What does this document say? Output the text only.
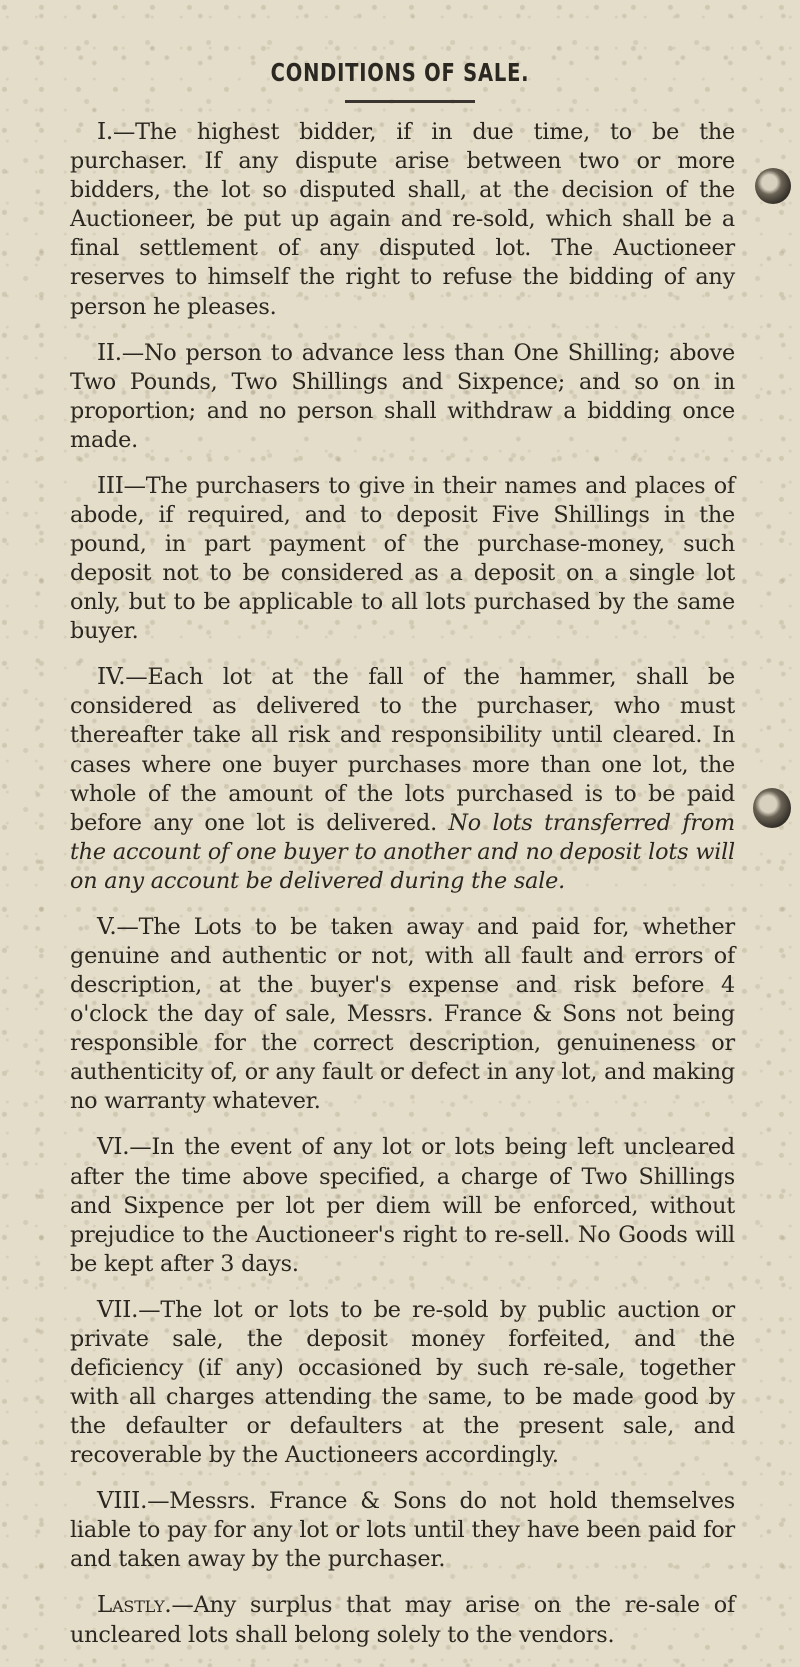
CONDITIONS OF SALE.

I.—The highest bidder, if in due time, to be the purchaser. If any dispute arise between two or more bidders, the lot so disputed shall, at the decision of the Auctioneer, be put up again and re-sold, which shall be a final settlement of any disputed lot. The Auctioneer reserves to himself the right to refuse the bidding of any person he pleases.

II.—No person to advance less than One Shilling; above Two Pounds, Two Shillings and Sixpence; and so on in proportion; and no person shall withdraw a bidding once made.

III—The purchasers to give in their names and places of abode, if required, and to deposit Five Shillings in the pound, in part payment of the purchase-money, such deposit not to be considered as a deposit on a single lot only, but to be applicable to all lots purchased by the same buyer.

IV.—Each lot at the fall of the hammer, shall be considered as delivered to the purchaser, who must thereafter take all risk and responsibility until cleared. In cases where one buyer purchases more than one lot, the whole of the amount of the lots purchased is to be paid before any one lot is delivered. No lots transferred from the account of one buyer to another and no deposit lots will on any account be delivered during the sale.

V.—The Lots to be taken away and paid for, whether genuine and authentic or not, with all fault and errors of description, at the buyer's expense and risk before 4 o'clock the day of sale, Messrs. France & Sons not being responsible for the correct description, genuineness or authenticity of, or any fault or defect in any lot, and making no warranty whatever.

VI.—In the event of any lot or lots being left uncleared after the time above specified, a charge of Two Shillings and Sixpence per lot per diem will be enforced, without prejudice to the Auctioneer's right to re-sell. No Goods will be kept after 3 days.

VII.—The lot or lots to be re-sold by public auction or private sale, the deposit money forfeited, and the deficiency (if any) occasioned by such re-sale, together with all charges attending the same, to be made good by the defaulter or defaulters at the present sale, and recoverable by the Auctioneers accordingly.

VIII.—Messrs. France & Sons do not hold themselves liable to pay for any lot or lots until they have been paid for and taken away by the purchaser.

Lastly.—Any surplus that may arise on the re-sale of uncleared lots shall belong solely to the vendors.
